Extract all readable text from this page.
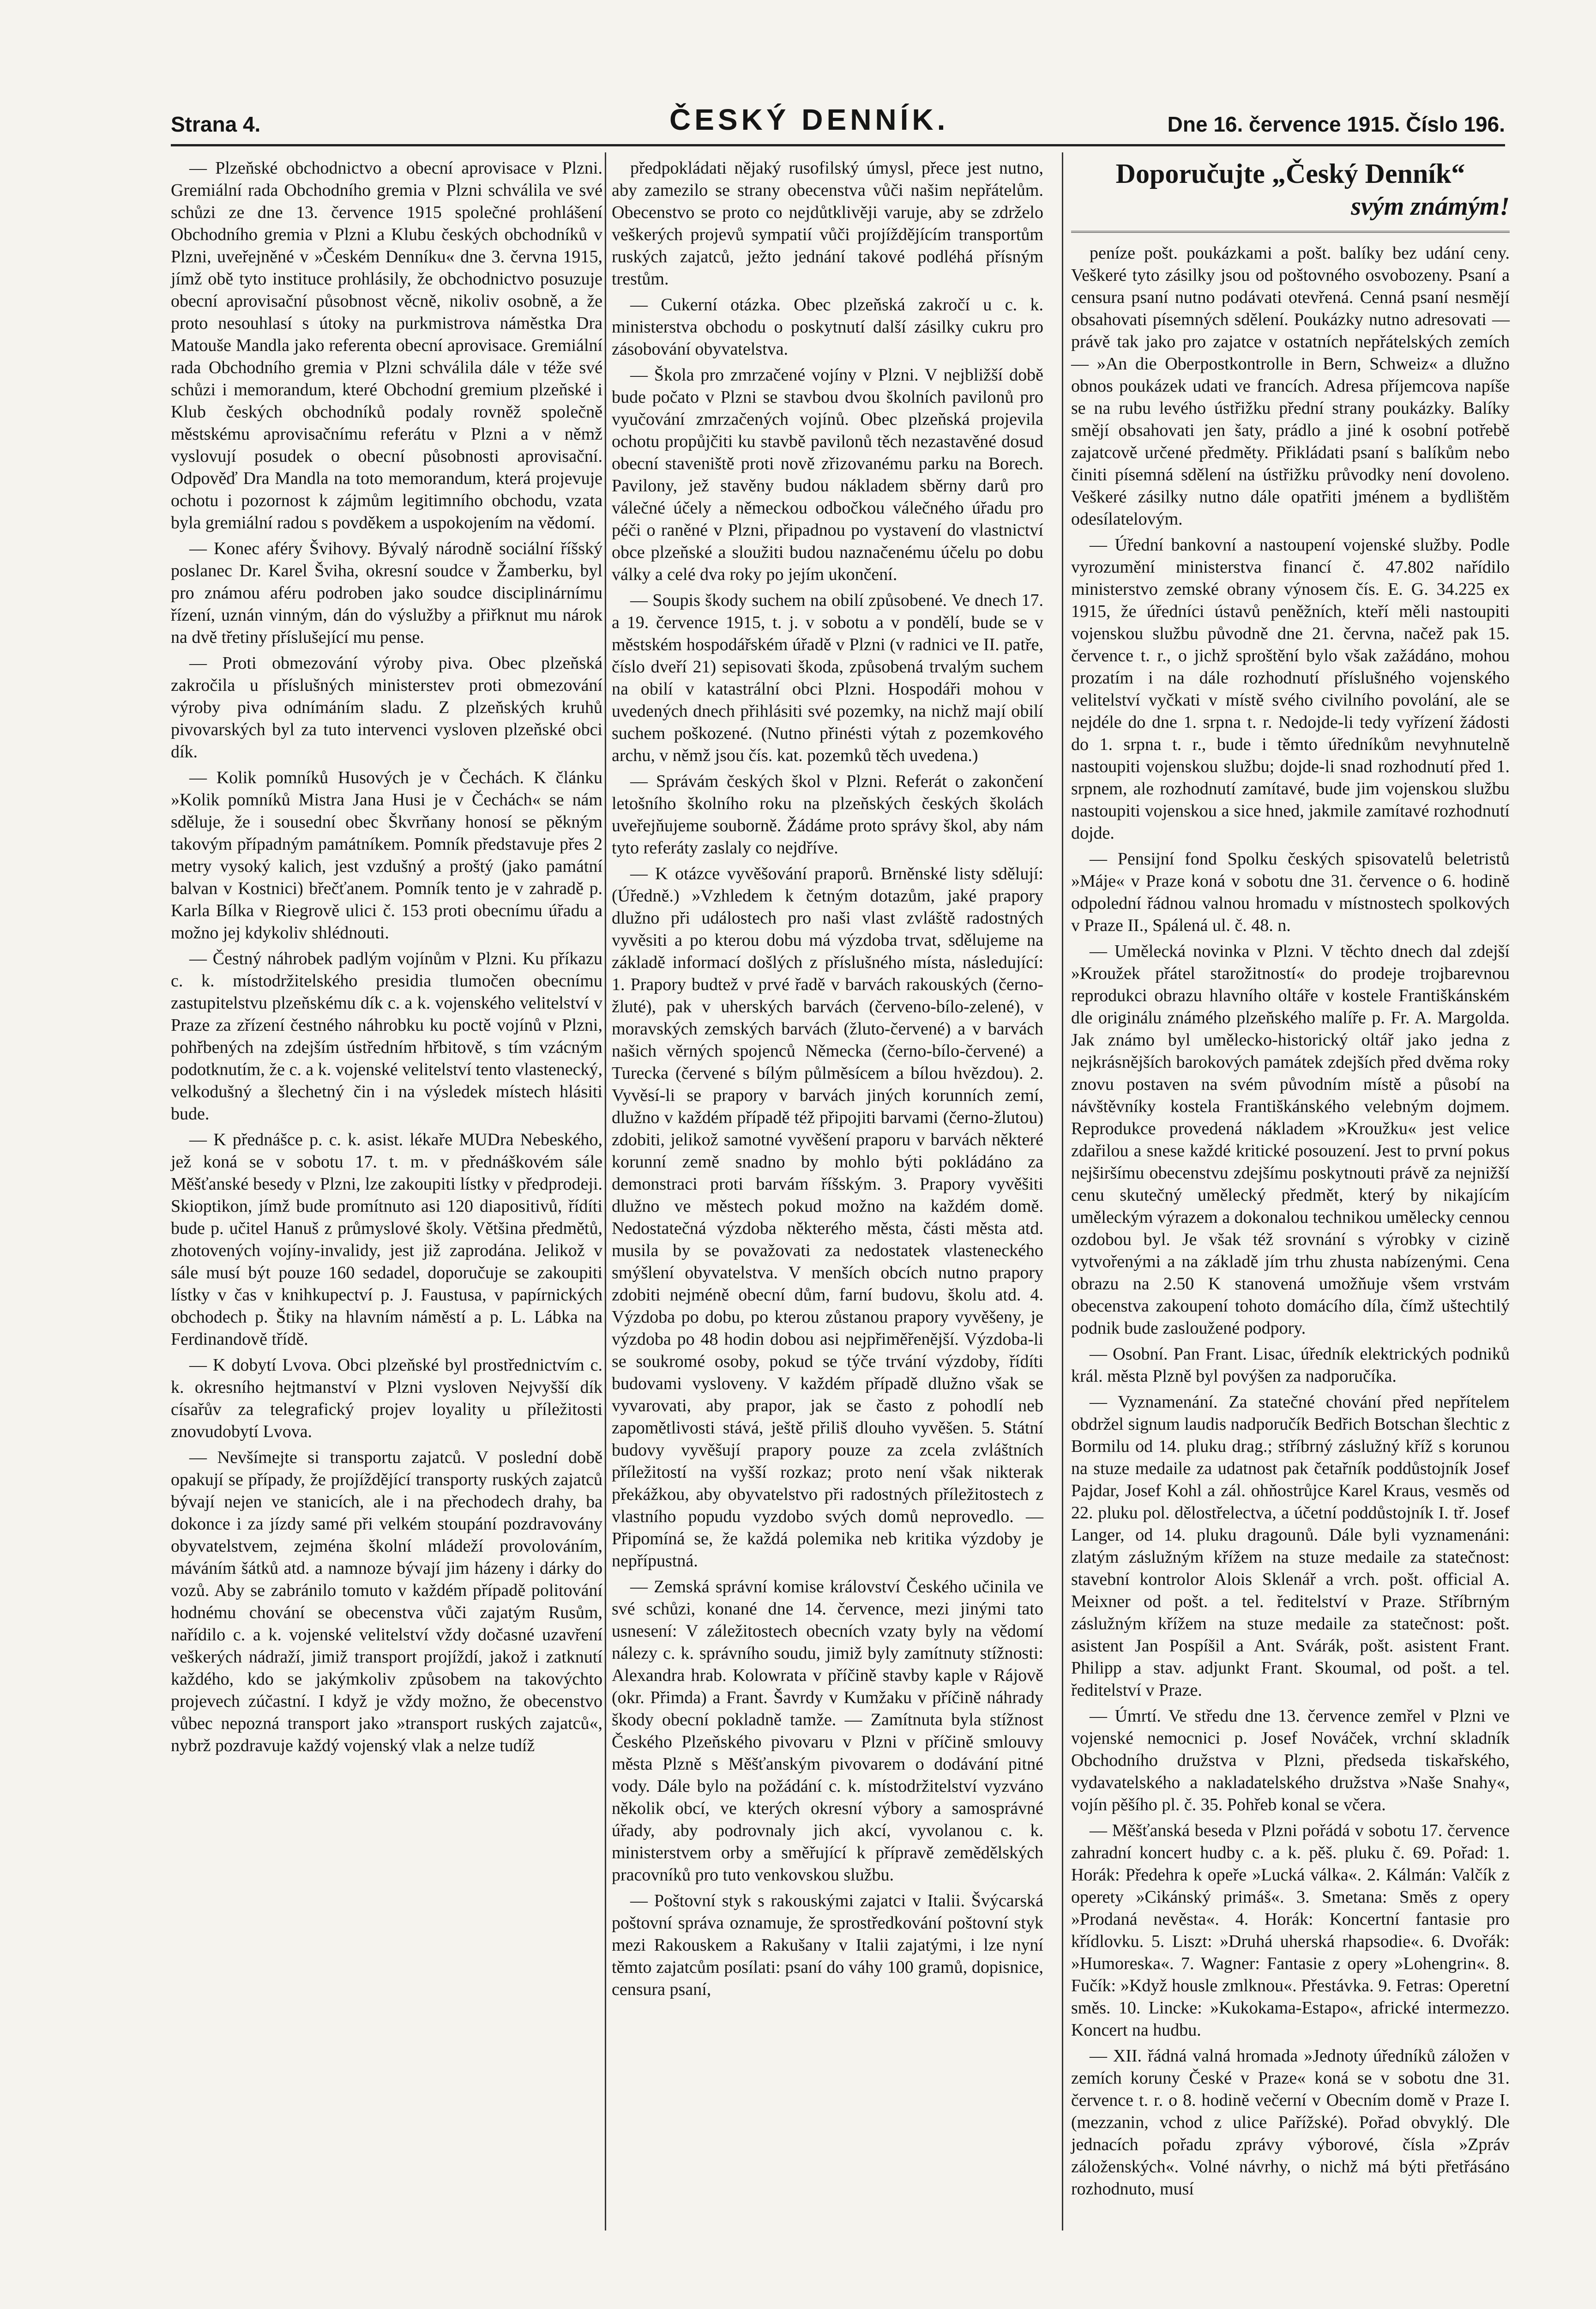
Strana 4.	ČESKÝ DENNÍK.	Dne 16. července 1915. Číslo 196.

— Plzeňské obchodnictvo a obecní aprovisace v Plzni. Gremiální rada Obchodního gremia v Plzni schválila ve své schůzi ze dne 13. července 1915 společné prohlášení Obchodního gremia v Plzni a Klubu českých obchodníků v Plzni, uveřejněné v »Českém Denníku« dne 3. června 1915, jímž obě tyto instituce prohlásily, že obchodnictvo posuzuje obecní aprovisační působnost věcně, nikoliv osobně, a že proto nesouhlasí s útoky na purkmistrova náměstka Dra Matouše Mandla jako referenta obecní aprovisace. Gremiální rada Obchodního gremia v Plzni schválila dále v téže své schůzi i memorandum, které Obchodní gremium plzeňské i Klub českých obchodníků podaly rovněž společně městskému aprovisačnímu referátu v Plzni a v němž vyslovují posudek o obecní působnosti aprovisační. Odpověď Dra Mandla na toto memorandum, která projevuje ochotu i pozornost k zájmům legitimního obchodu, vzata byla gremiální radou s povděkem a uspokojením na vědomí.

— Konec aféry Švihovy. Bývalý národně sociální říšský poslanec Dr. Karel Šviha, okresní soudce v Žamberku, byl pro známou aféru podroben jako soudce disciplinárnímu řízení, uznán vinným, dán do výslužby a přiřknut mu nárok na dvě třetiny příslušející mu pense.

— Proti obmezování výroby piva. Obec plzeňská zakročila u příslušných ministerstev proti obmezování výroby piva odnímáním sladu. Z plzeňských kruhů pivovarských byl za tuto intervenci vysloven plzeňské obci dík.

— Kolik pomníků Husových je v Čechách. K článku »Kolik pomníků Mistra Jana Husi je v Čechách« se nám sděluje, že i sousední obec Škvrňany honosí se pěkným takovým případným památníkem. Pomník představuje přes 2 metry vysoký kalich, jest vzdušný a proštý (jako památní balvan v Kostnici) břečťanem. Pomník tento je v zahradě p. Karla Bílka v Riegrově ulici č. 153 proti obecnímu úřadu a možno jej kdykoliv shlédnouti.

— Čestný náhrobek padlým vojínům v Plzni. Ku příkazu c. k. místodržitelského presidia tlumočen obecnímu zastupitelstvu plzeňskému dík c. a k. vojenského velitelství v Praze za zřízení čestného náhrobku ku poctě vojínů v Plzni, pohřbených na zdejším ústředním hřbitově, s tím vzácným podotknutím, že c. a k. vojenské velitelství tento vlastenecký, velkodušný a šlechetný čin i na výsledek místech hlásiti bude.

— K přednášce p. c. k. asist. lékaře MUDra Nebeského, jež koná se v sobotu 17. t. m. v přednáškovém sále Měšťanské besedy v Plzni, lze zakoupiti lístky v předprodeji. Skioptikon, jímž bude promítnuto asi 120 diapositivů, řídíti bude p. učitel Hanuš z průmyslové školy. Většina předmětů, zhotovených vojíny-invalidy, jest již zaprodána. Jelikož v sále musí být pouze 160 sedadel, doporučuje se zakoupiti lístky v čas v knihkupectví p. J. Faustusa, v papírnických obchodech p. Štiky na hlavním náměstí a p. L. Lábka na Ferdinandově třídě.

— K dobytí Lvova. Obci plzeňské byl prostřednictvím c. k. okresního hejtmanství v Plzni vysloven Nejvyšší dík císařův za telegrafický projev loyality u příležitosti znovudobytí Lvova.

— Nevšímejte si transportu zajatců. V poslední době opakují se případy, že projíždějící transporty ruských zajatců bývají nejen ve stanicích, ale i na přechodech drahy, ba dokonce i za jízdy samé při velkém stoupání pozdravovány obyvatelstvem, zejména školní mládeží provolováním, máváním šátků atd. a namnoze bývají jim házeny i dárky do vozů. Aby se zabránilo tomuto v každém případě politování hodnému chování se obecenstva vůči zajatým Rusům, nařídilo c. a k. vojenské velitelství vždy dočasné uzavření veškerých nádraží, jimiž transport projíždí, jakož i zatknutí každého, kdo se jakýmkoliv způsobem na takovýchto projevech zúčastní. I když je vždy možno, že obecenstvo vůbec nepozná transport jako »transport ruských zajatců«, nybrž pozdravuje každý vojenský vlak a nelze tudíž

předpokládati nějaký rusofilský úmysl, přece jest nutno, aby zamezilo se strany obecenstva vůči našim nepřátelům. Obecenstvo se proto co nejdůtklivěji varuje, aby se zdrželo veškerých projevů sympatií vůči projíždějícím transportům ruských zajatců, ježto jednání takové podléhá přísným trestům.

— Cukerní otázka. Obec plzeňská zakročí u c. k. ministerstva obchodu o poskytnutí další zásilky cukru pro zásobování obyvatelstva.

— Škola pro zmrzačené vojíny v Plzni. V nejbližší době bude počato v Plzni se stavbou dvou školních pavilonů pro vyučování zmrzačených vojínů. Obec plzeňská projevila ochotu propůjčiti ku stavbě pavilonů těch nezastavěné dosud obecní staveniště proti nově zřizovanému parku na Borech. Pavilony, jež stavěny budou nákladem sběrny darů pro válečné účely a německou odbočkou válečného úřadu pro péči o raněné v Plzni, připadnou po vystavení do vlastnictví obce plzeňské a sloužiti budou naznačenému účelu po dobu války a celé dva roky po jejím ukončení.

— Soupis škody suchem na obilí způsobené. Ve dnech 17. a 19. července 1915, t. j. v sobotu a v pondělí, bude se v městském hospodářském úřadě v Plzni (v radnici ve II. patře, číslo dveří 21) sepisovati škoda, způsobená trvalým suchem na obilí v katastrální obci Plzni. Hospodáři mohou v uvedených dnech přihlásiti své pozemky, na nichž mají obilí suchem poškozené. (Nutno přinésti výtah z pozemkového archu, v němž jsou čís. kat. pozemků těch uvedena.)

— Správám českých škol v Plzni. Referát o zakončení letošního školního roku na plzeňských českých školách uveřejňujeme souborně. Žádáme proto správy škol, aby nám tyto referáty zaslaly co nejdříve.

— K otázce vyvěšování praporů. Brněnské listy sdělují: (Úředně.) »Vzhledem k četným dotazům, jaké prapory dlužno při událostech pro naši vlast zvláště radostných vyvěsiti a po kterou dobu má výzdoba trvat, sdělujeme na základě informací došlých z příslušného místa, následující: 1. Prapory budtež v prvé řadě v barvách rakouských (černo-žluté), pak v uherských barvách (červeno-bílo-zelené), v moravských zemských barvách (žluto-červené) a v barvách našich věrných spojenců Německa (černo-bílo-červené) a Turecka (červené s bílým půlměsícem a bílou hvězdou). 2. Vyvěsí-li se prapory v barvách jiných korunních zemí, dlužno v každém případě též připojiti barvami (černo-žlutou) zdobiti, jelikož samotné vyvěšení praporu v barvách některé korunní země snadno by mohlo býti pokládáno za demonstraci proti barvám říšským. 3. Prapory vyvěšiti dlužno ve městech pokud možno na každém domě. Nedostatečná výzdoba některého města, části města atd. musila by se považovati za nedostatek vlasteneckého smýšlení obyvatelstva. V menších obcích nutno prapory zdobiti nejméně obecní dům, farní budovu, školu atd. 4. Výzdoba po dobu, po kterou zůstanou prapory vyvěšeny, je výzdoba po 48 hodin dobou asi nejpřiměřenější. Výzdoba-li se soukromé osoby, pokud se týče trvání výzdoby, řídíti budovami vysloveny. V každém případě dlužno však se vyvarovati, aby prapor, jak se často z pohodlí neb zapomětlivosti stává, ještě přiliš dlouho vyvěšen. 5. Státní budovy vyvěšují prapory pouze za zcela zvláštních příležitostí na vyšší rozkaz; proto není však nikterak překážkou, aby obyvatelstvo při radostných příležitostech z vlastního popudu vyzdobo svých domů neprovedlo. — Připomíná se, že každá polemika neb kritika výzdoby je nepřípustná.

— Zemská správní komise království Českého učinila ve své schůzi, konané dne 14. července, mezi jinými tato usnesení: V záležitostech obecních vzaty byly na vědomí nálezy c. k. správního soudu, jimiž byly zamítnuty stížnosti: Alexandra hrab. Kolowrata v příčině stavby kaple v Rájově (okr. Přimda) a Frant. Šavrdy v Kumžaku v příčině náhrady škody obecní pokladně tamže. — Zamítnuta byla stížnost Českého Plzeňského pivovaru v Plzni v příčině smlouvy města Plzně s Měšťanským pivovarem o dodávání pitné vody. Dále bylo na požádání c. k. místodržitelství vyzváno několik obcí, ve kterých okresní výbory a samosprávné úřady, aby podrovnaly jich akcí, vyvolanou c. k. ministerstvem orby a směřující k přípravě zemědělských pracovníků pro tuto venkovskou službu.

— Poštovní styk s rakouskými zajatci v Italii. Švýcarská poštovní správa oznamuje, že sprostředkování poštovní styk mezi Rakouskem a Rakušany v Italii zajatými, i lze nyní těmto zajatcům posílati: psaní do váhy 100 gramů, dopisnice, censura psaní,

Doporučujte „Český Denník“
svým známým!

peníze pošt. poukázkami a pošt. balíky bez udání ceny. Veškeré tyto zásilky jsou od poštovného osvobozeny. Psaní a censura psaní nutno podávati otevřená. Cenná psaní nesmějí obsahovati písemných sdělení. Poukázky nutno adresovati — právě tak jako pro zajatce v ostatních nepřátelských zemích — »An die Oberpostkontrolle in Bern, Schweiz« a dlužno obnos poukázek udati ve francích. Adresa příjemcova napíše se na rubu levého ústřižku přední strany poukázky. Balíky smějí obsahovati jen šaty, prádlo a jiné k osobní potřebě zajatcově určené předměty. Přikládati psaní s balíkům nebo činiti písemná sdělení na ústřižku průvodky není dovoleno. Veškeré zásilky nutno dále opatřiti jménem a bydlištěm odesílatelovým.

— Úřední bankovní a nastoupení vojenské služby. Podle vyrozumění ministerstva financí č. 47.802 nařídilo ministerstvo zemské obrany výnosem čís. E. G. 34.225 ex 1915, že úředníci ústavů peněžních, kteří měli nastoupiti vojenskou službu původně dne 21. června, načež pak 15. července t. r., o jichž sproštění bylo však zažádáno, mohou prozatím i na dále rozhodnutí příslušného vojenského velitelství vyčkati v místě svého civilního povolání, ale se nejdéle do dne 1. srpna t. r. Nedojde-li tedy vyřízení žádosti do 1. srpna t. r., bude i těmto úředníkům nevyhnutelně nastoupiti vojenskou službu; dojde-li snad rozhodnutí před 1. srpnem, ale rozhodnutí zamítavé, bude jim vojenskou službu nastoupiti vojenskou a sice hned, jakmile zamítavé rozhodnutí dojde.

— Pensijní fond Spolku českých spisovatelů beletristů »Máje« v Praze koná v sobotu dne 31. července o 6. hodině odpolední řádnou valnou hromadu v místnostech spolkových v Praze II., Spálená ul. č. 48. n.

— Umělecká novinka v Plzni. V těchto dnech dal zdejší »Kroužek přátel starožitností« do prodeje trojbarevnou reprodukci obrazu hlavního oltáře v kostele Františkánském dle originálu známého plzeňského malíře p. Fr. A. Margolda. Jak známo byl umělecko-historický oltář jako jedna z nejkrásnějších barokových památek zdejších před dvěma roky znovu postaven na svém původním místě a působí na návštěvníky kostela Františkánského velebným dojmem. Reprodukce provedená nákladem »Kroužku« jest velice zdařilou a snese každé kritické posouzení. Jest to první pokus nejširšímu obecenstvu zdejšímu poskytnouti právě za nejnižší cenu skutečný umělecký předmět, který by nikajícím uměleckým výrazem a dokonalou technikou umělecky cennou ozdobou byl. Je však též srovnání s výrobky v cizině vytvořenými a na základě jím trhu zhusta nabízenými. Cena obrazu na 2.50 K stanovená umožňuje všem vrstvám obecenstva zakoupení tohoto domácího díla, čímž uštechtilý podnik bude zasloužené podpory.

— Osobní. Pan Frant. Lisac, úředník elektrických podniků král. města Plzně byl povýšen za nadporučíka.

— Vyznamenání. Za statečné chování před nepřítelem obdržel signum laudis nadporučík Bedřich Botschan šlechtic z Bormilu od 14. pluku drag.; stříbrný záslužný kříž s korunou na stuze medaile za udatnost pak četařník poddůstojník Josef Pajdar, Josef Kohl a zál. ohňostrůjce Karel Kraus, vesměs od 22. pluku pol. dělostřelectva, a účetní poddůstojník I. tř. Josef Langer, od 14. pluku dragounů. Dále byli vyznamenáni: zlatým záslužným křížem na stuze medaile za statečnost: stavební kontrolor Alois Sklenář a vrch. pošt. official A. Meixner od pošt. a tel. ředitelství v Praze. Stříbrným záslužným křížem na stuze medaile za statečnost: pošt. asistent Jan Pospíšil a Ant. Svárák, pošt. asistent Frant. Philipp a stav. adjunkt Frant. Skoumal, od pošt. a tel. ředitelství v Praze.

— Úmrtí. Ve středu dne 13. července zemřel v Plzni ve vojenské nemocnici p. Josef Nováček, vrchní skladník Obchodního družstva v Plzni, předseda tiskařského, vydavatelského a nakladatelského družstva »Naše Snahy«, vojín pěšího pl. č. 35. Pohřeb konal se včera.

— Měšťanská beseda v Plzni pořádá v sobotu 17. července zahradní koncert hudby c. a k. pěš. pluku č. 69. Pořad: 1. Horák: Předehra k opeře »Lucká válka«. 2. Kálmán: Valčík z operety »Cikánský primáš«. 3. Smetana: Směs z opery »Prodaná nevěsta«. 4. Horák: Koncertní fantasie pro křídlovku. 5. Liszt: »Druhá uherská rhapsodie«. 6. Dvořák: »Humoreska«. 7. Wagner: Fantasie z opery »Lohengrin«. 8. Fučík: »Když housle zmlknou«. Přestávka. 9. Fetras: Operetní směs. 10. Lincke: »Kukokama-Estapo«, africké intermezzo. Koncert na hudbu.

— XII. řádná valná hromada »Jednoty úředníků záložen v zemích koruny České v Praze« koná se v sobotu dne 31. července t. r. o 8. hodině večerní v Obecním domě v Praze I. (mezzanin, vchod z ulice Pařížské). Pořad obvyklý. Dle jednacích pořadu zprávy výborové, čísla »Zpráv záloženských«. Volné návrhy, o nichž má býti přetřásáno rozhodnuto, musí
